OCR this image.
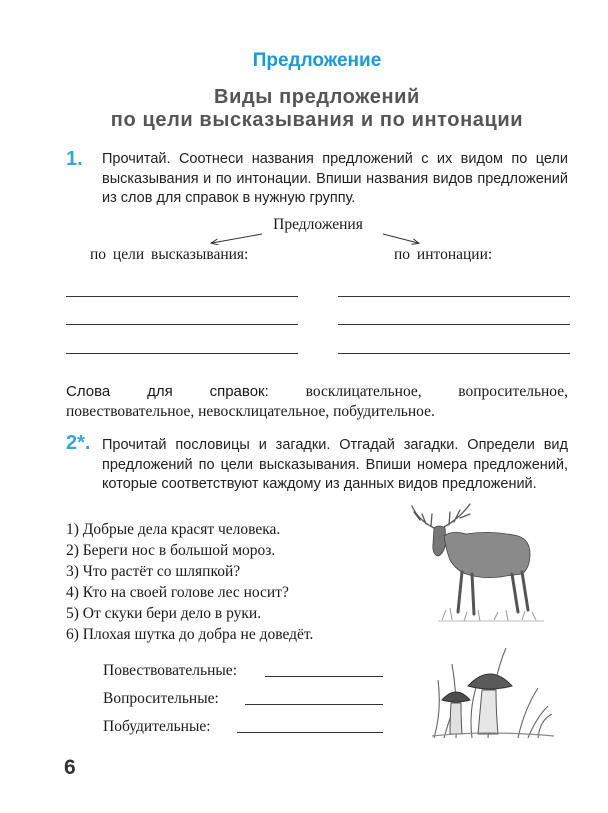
Предложение
Виды предложений
по цели высказывания и по интонации
1. Прочитай. Соотнеси названия предложений с их видом по цели высказывания и по интонации. Впиши названия видов предложений из слов для справок в нужную группу.
Предложения
по цели высказывания:	по интонации:
Слова для справок: восклицательное, вопросительное, повествовательное, невосклицательное, побудительное.
2*. Прочитай пословицы и загадки. Отгадай загадки. Определи вид предложений по цели высказывания. Впиши номера предложений, которые соответствуют каждому из данных видов предложений.
1) Добрые дела красят человека.
2) Береги нос в большой мороз.
3) Что растёт со шляпкой?
4) Кто на своей голове лес носит?
5) От скуки бери дело в руки.
6) Плохая шутка до добра не доведёт.
Повествовательные:
Вопросительные:
Побудительные:
6
